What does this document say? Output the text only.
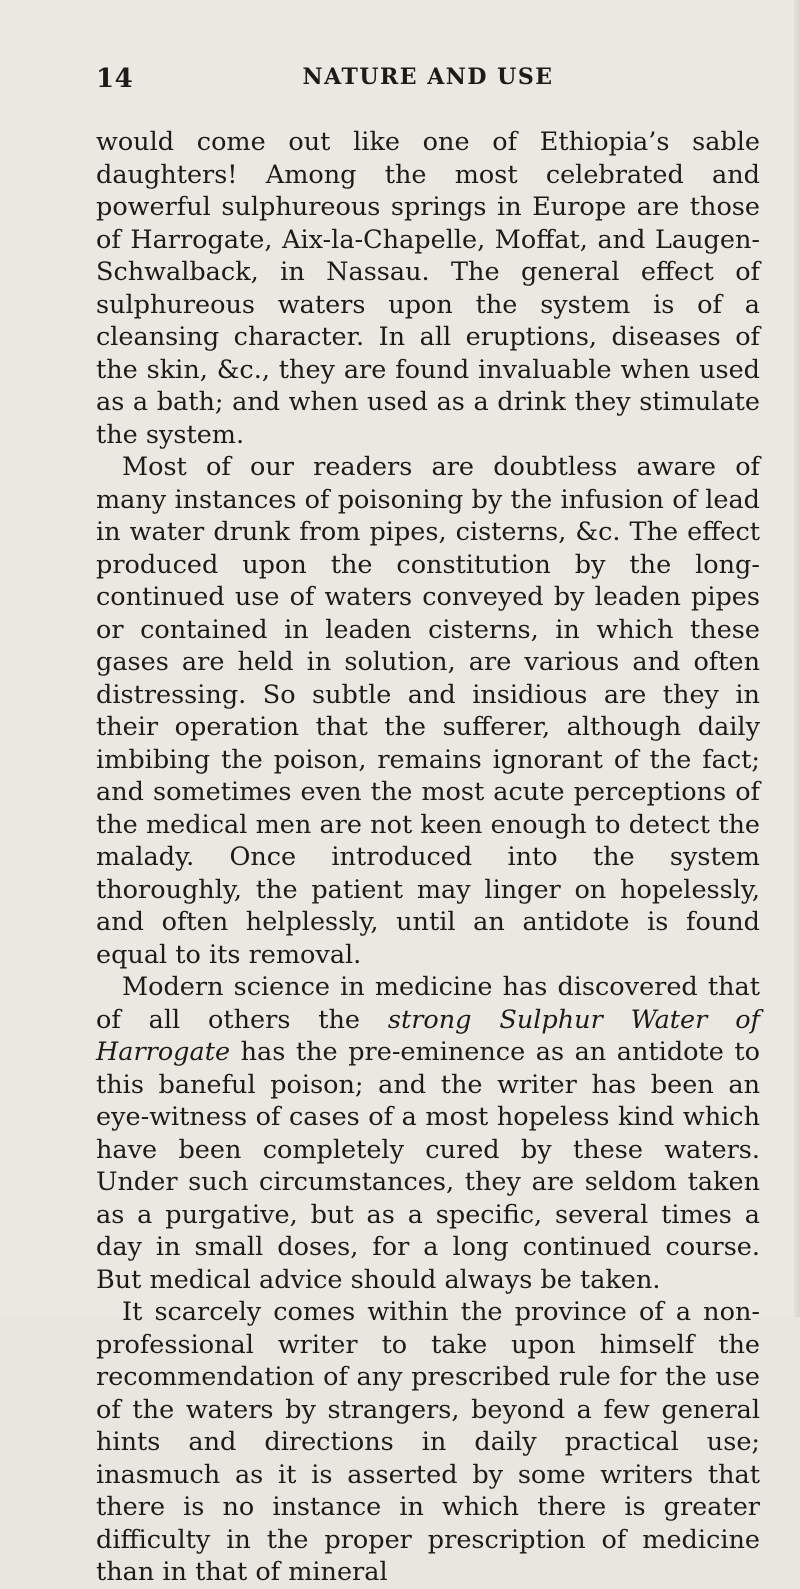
14	NATURE AND USE

would come out like one of Ethiopia’s sable daughters! Among the most celebrated and powerful sulphureous springs in Europe are those of Harrogate, Aix-la-Chapelle, Moffat, and Laugen-Schwalback, in Nassau. The general effect of sulphureous waters upon the system is of a cleansing character. In all eruptions, diseases of the skin, &c., they are found invaluable when used as a bath; and when used as a drink they stimulate the system.

Most of our readers are doubtless aware of many instances of poisoning by the infusion of lead in water drunk from pipes, cisterns, &c. The effect produced upon the constitution by the long-continued use of waters conveyed by leaden pipes or contained in leaden cisterns, in which these gases are held in solution, are various and often distressing. So subtle and insidious are they in their operation that the sufferer, although daily imbibing the poison, remains ignorant of the fact; and sometimes even the most acute perceptions of the medical men are not keen enough to detect the malady. Once introduced into the system thoroughly, the patient may linger on hopelessly, and often helplessly, until an antidote is found equal to its removal.

Modern science in medicine has discovered that of all others the strong Sulphur Water of Harrogate has the pre-eminence as an antidote to this baneful poison; and the writer has been an eye-witness of cases of a most hopeless kind which have been completely cured by these waters. Under such circumstances, they are seldom taken as a purgative, but as a specific, several times a day in small doses, for a long continued course. But medical advice should always be taken.

It scarcely comes within the province of a non-professional writer to take upon himself the recommendation of any prescribed rule for the use of the waters by strangers, beyond a few general hints and directions in daily practical use; inasmuch as it is asserted by some writers that there is no instance in which there is greater difficulty in the proper prescription of medicine than in that of mineral
